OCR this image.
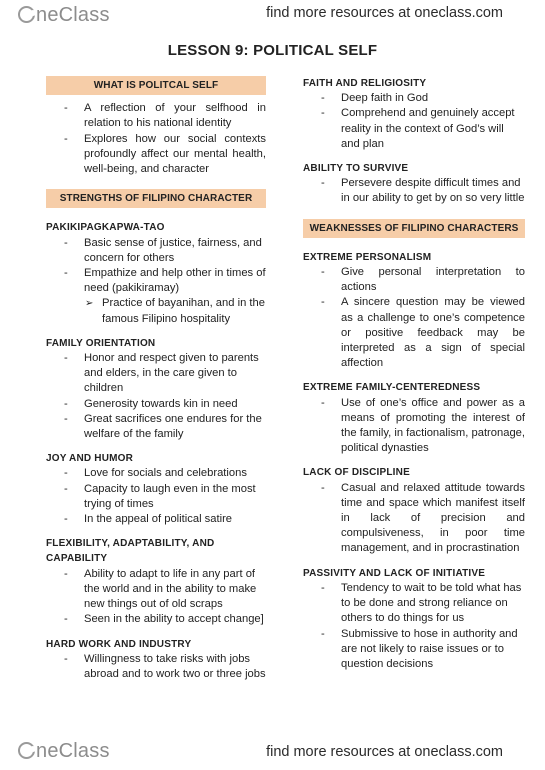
neClass	find more resources at oneclass.com
LESSON 9: POLITICAL SELF
WHAT IS POLITCAL SELF
- A reflection of your selfhood in relation to his national identity
- Explores how our social contexts profoundly affect our mental health, well-being, and character
STRENGTHS OF FILIPINO CHARACTER
PAKIKIPAGKAPWA-TAO
- Basic sense of justice, fairness, and concern for others
- Empathize and help other in times of need (pakikiramay)
➢ Practice of bayanihan, and in the famous Filipino hospitality
FAMILY ORIENTATION
- Honor and respect given to parents and elders, in the care given to children
- Generosity towards kin in need
- Great sacrifices one endures for the welfare of the family
JOY AND HUMOR
- Love for socials and celebrations
- Capacity to laugh even in the most trying of times
- In the appeal of political satire
FLEXIBILITY, ADAPTABILITY, AND CAPABILITY
- Ability to adapt to life in any part of the world and in the ability to make new things out of old scraps
- Seen in the ability to accept change]
HARD WORK AND INDUSTRY
- Willingness to take risks with jobs abroad and to work two or three jobs
FAITH AND RELIGIOSITY
- Deep faith in God
- Comprehend and genuinely accept reality in the context of God’s will and plan
ABILITY TO SURVIVE
- Persevere despite difficult times and in our ability to get by on so very little
WEAKNESSES OF FILIPINO CHARACTERS
EXTREME PERSONALISM
- Give personal interpretation to actions
- A sincere question may be viewed as a challenge to one’s competence or positive feedback may be interpreted as a sign of special affection
EXTREME FAMILY-CENTEREDNESS
- Use of one’s office and power as a means of promoting the interest of the family, in factionalism, patronage, political dynasties
LACK OF DISCIPLINE
- Casual and relaxed attitude towards time and space which manifest itself in lack of precision and compulsiveness, in poor time management, and in procrastination
PASSIVITY AND LACK OF INITIATIVE
- Tendency to wait to be told what has to be done and strong reliance on others to do things for us
- Submissive to hose in authority and are not likely to raise issues or to question decisions
neClass	find more resources at oneclass.com
